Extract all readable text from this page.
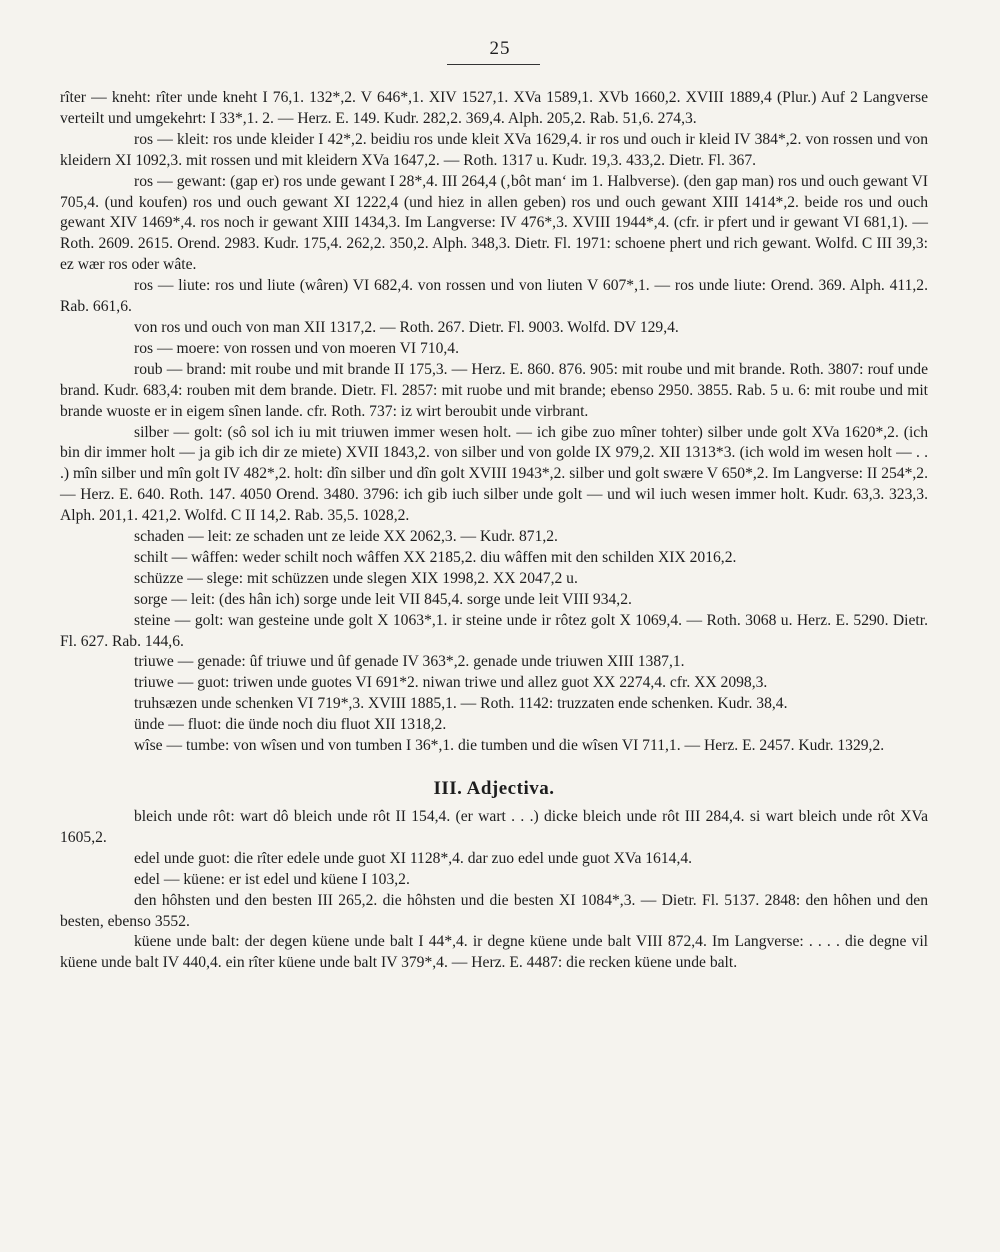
25

rîter — kneht: rîter unde kneht I 76,1. 132*,2. V 646*,1. XIV 1527,1. XVa 1589,1. XVb 1660,2. XVIII 1889,4 (Plur.) Auf 2 Langverse verteilt und umgekehrt: I 33*,1. 2. — Herz. E. 149. Kudr. 282,2. 369,4. Alph. 205,2. Rab. 51,6. 274,3.

ros — kleit: ros unde kleider I 42*,2. beidiu ros unde kleit XVa 1629,4. ir ros und ouch ir kleid IV 384*,2. von rossen und von kleidern XI 1092,3. mit rossen und mit kleidern XVa 1647,2. — Roth. 1317 u. Kudr. 19,3. 433,2. Dietr. Fl. 367.

ros — gewant: (gap er) ros unde gewant I 28*,4. III 264,4 (‚bôt man‘ im 1. Halbverse). (den gap man) ros und ouch gewant VI 705,4. (und koufen) ros und ouch gewant XI 1222,4 (und hiez in allen geben) ros und ouch gewant XIII 1414*,2. beide ros und ouch gewant XIV 1469*,4. ros noch ir gewant XIII 1434,3. Im Langverse: IV 476*,3. XVIII 1944*,4. (cfr. ir pfert und ir gewant VI 681,1). — Roth. 2609. 2615. Orend. 2983. Kudr. 175,4. 262,2. 350,2. Alph. 348,3. Dietr. Fl. 1971: schoene phert und rich gewant. Wolfd. C III 39,3: ez wær ros oder wâte.

ros — liute: ros und liute (wâren) VI 682,4. von rossen und von liuten V 607*,1. — ros unde liute: Orend. 369. Alph. 411,2. Rab. 661,6.

von ros und ouch von man XII 1317,2. — Roth. 267. Dietr. Fl. 9003. Wolfd. DV 129,4.

ros — moere: von rossen und von moeren VI 710,4.

roub — brand: mit roube und mit brande II 175,3. — Herz. E. 860. 876. 905: mit roube und mit brande. Roth. 3807: rouf unde brand. Kudr. 683,4: rouben mit dem brande. Dietr. Fl. 2857: mit ruobe und mit brande; ebenso 2950. 3855. Rab. 5 u. 6: mit roube und mit brande wuoste er in eigem sînen lande. cfr. Roth. 737: iz wirt beroubit unde virbrant.

silber — golt: (sô sol ich iu mit triuwen immer wesen holt. — ich gibe zuo mîner tohter) silber unde golt XVa 1620*,2. (ich bin dir immer holt — ja gib ich dir ze miete) XVII 1843,2. von silber und von golde IX 979,2. XII 1313*3. (ich wold im wesen holt — . . .) mîn silber und mîn golt IV 482*,2. holt: dîn silber und dîn golt XVIII 1943*,2. silber und golt swære V 650*,2. Im Langverse: II 254*,2. — Herz. E. 640. Roth. 147. 4050 Orend. 3480. 3796: ich gib iuch silber unde golt — und wil iuch wesen immer holt. Kudr. 63,3. 323,3. Alph. 201,1. 421,2. Wolfd. C II 14,2. Rab. 35,5. 1028,2.

schaden — leit: ze schaden unt ze leide XX 2062,3. — Kudr. 871,2.

schilt — wâffen: weder schilt noch wâffen XX 2185,2. diu wâffen mit den schilden XIX 2016,2.

schüzze — slege: mit schüzzen unde slegen XIX 1998,2. XX 2047,2 u.

sorge — leit: (des hân ich) sorge unde leit VII 845,4. sorge unde leit VIII 934,2.

steine — golt: wan gesteine unde golt X 1063*,1. ir steine unde ir rôtez golt X 1069,4. — Roth. 3068 u. Herz. E. 5290. Dietr. Fl. 627. Rab. 144,6.

triuwe — genade: ûf triuwe und ûf genade IV 363*,2. genade unde triuwen XIII 1387,1.

triuwe — guot: triwen unde guotes VI 691*2. niwan triwe und allez guot XX 2274,4. cfr. XX 2098,3.

truhsæzen unde schenken VI 719*,3. XVIII 1885,1. — Roth. 1142: truzzaten ende schenken. Kudr. 38,4.

ünde — fluot: die ünde noch diu fluot XII 1318,2.

wîse — tumbe: von wîsen und von tumben I 36*,1. die tumben und die wîsen VI 711,1. — Herz. E. 2457. Kudr. 1329,2.

III. Adjectiva.

bleich unde rôt: wart dô bleich unde rôt II 154,4. (er wart . . .) dicke bleich unde rôt III 284,4. si wart bleich unde rôt XVa 1605,2.

edel unde guot: die rîter edele unde guot XI 1128*,4. dar zuo edel unde guot XVa 1614,4.

edel — küene: er ist edel und küene I 103,2.

den hôhsten und den besten III 265,2. die hôhsten und die besten XI 1084*,3. — Dietr. Fl. 5137. 2848: den hôhen und den besten, ebenso 3552.

küene unde balt: der degen küene unde balt I 44*,4. ir degne küene unde balt VIII 872,4. Im Langverse: . . . . die degne vil küene unde balt IV 440,4. ein rîter küene unde balt IV 379*,4. — Herz. E. 4487: die recken küene unde balt.
